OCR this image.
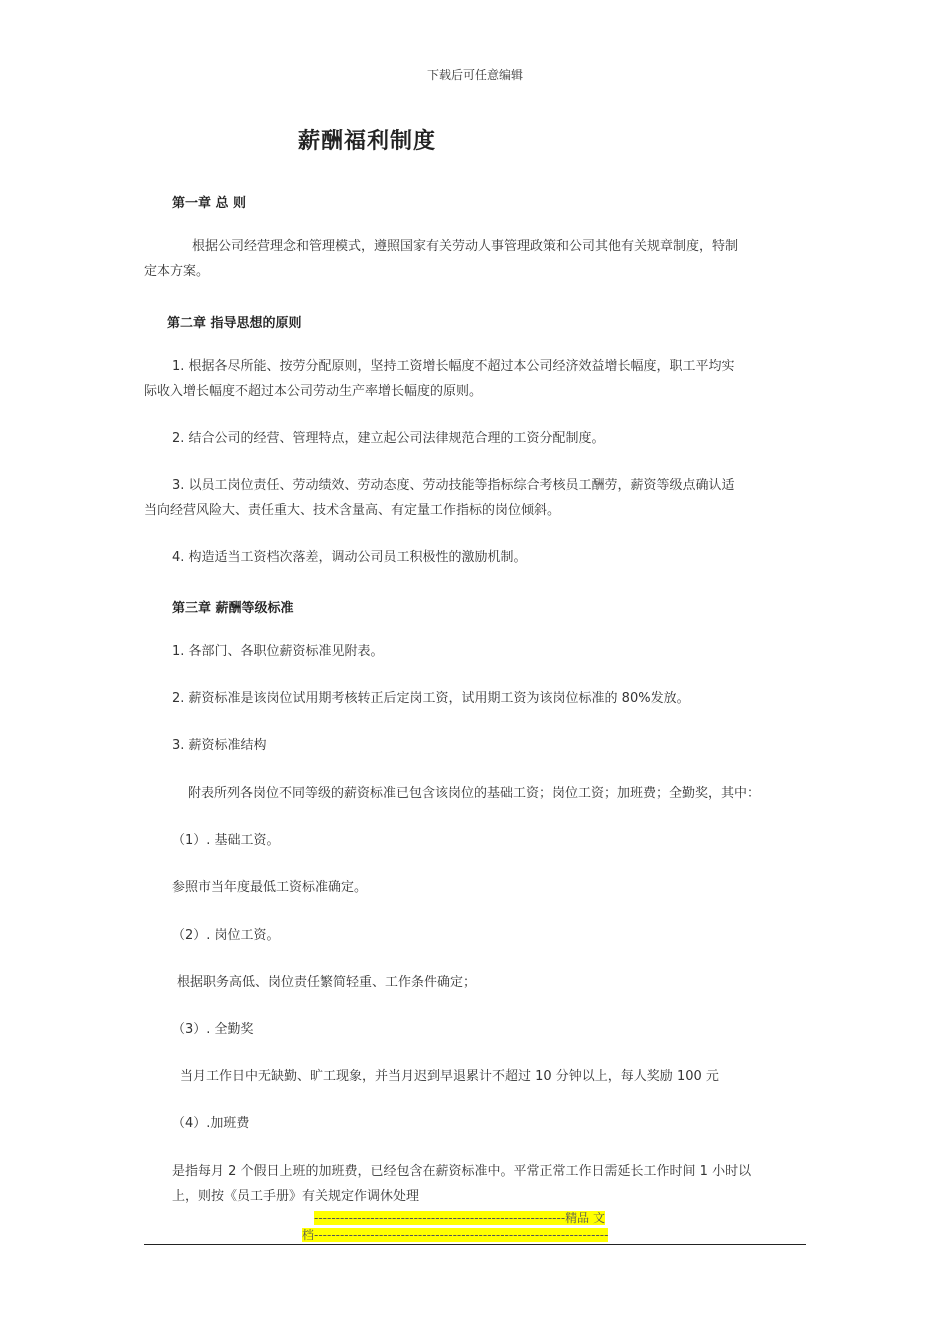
下载后可任意编辑
薪酬福利制度
第一章 总 则
根据公司经营理念和管理模式，遵照国家有关劳动人事管理政策和公司其他有关规章制度，特制
定本方案。
第二章 指导思想的原则
1. 根据各尽所能、按劳分配原则，坚持工资增长幅度不超过本公司经济效益增长幅度，职工平均实
际收入增长幅度不超过本公司劳动生产率增长幅度的原则。
2. 结合公司的经营、管理特点，建立起公司法律规范合理的工资分配制度。
3. 以员工岗位责任、劳动绩效、劳动态度、劳动技能等指标综合考核员工酬劳，薪资等级点确认适
当向经营风险大、责任重大、技术含量高、有定量工作指标的岗位倾斜。
4. 构造适当工资档次落差，调动公司员工积极性的激励机制。
第三章 薪酬等级标准
1. 各部门、各职位薪资标准见附表。
2. 薪资标准是该岗位试用期考核转正后定岗工资，试用期工资为该岗位标准的 80%发放。
3. 薪资标准结构
附表所列各岗位不同等级的薪资标准已包含该岗位的基础工资；岗位工资；加班费；全勤奖，其中：
（1）. 基础工资。
参照市当年度最低工资标准确定。
（2）. 岗位工资。
根据职务高低、岗位责任繁简轻重、工作条件确定；
（3）. 全勤奖
当月工作日中无缺勤、旷工现象，并当月迟到早退累计不超过 10 分钟以上，每人奖励 100 元
（4）.加班费
是指每月 2 个假日上班的加班费，已经包含在薪资标准中。平常正常工作日需延长工作时间 1 小时以
上，则按《员工手册》有关规定作调休处理
----------------------------------------------------------精品 文
档--------------------------------------------------------------------
